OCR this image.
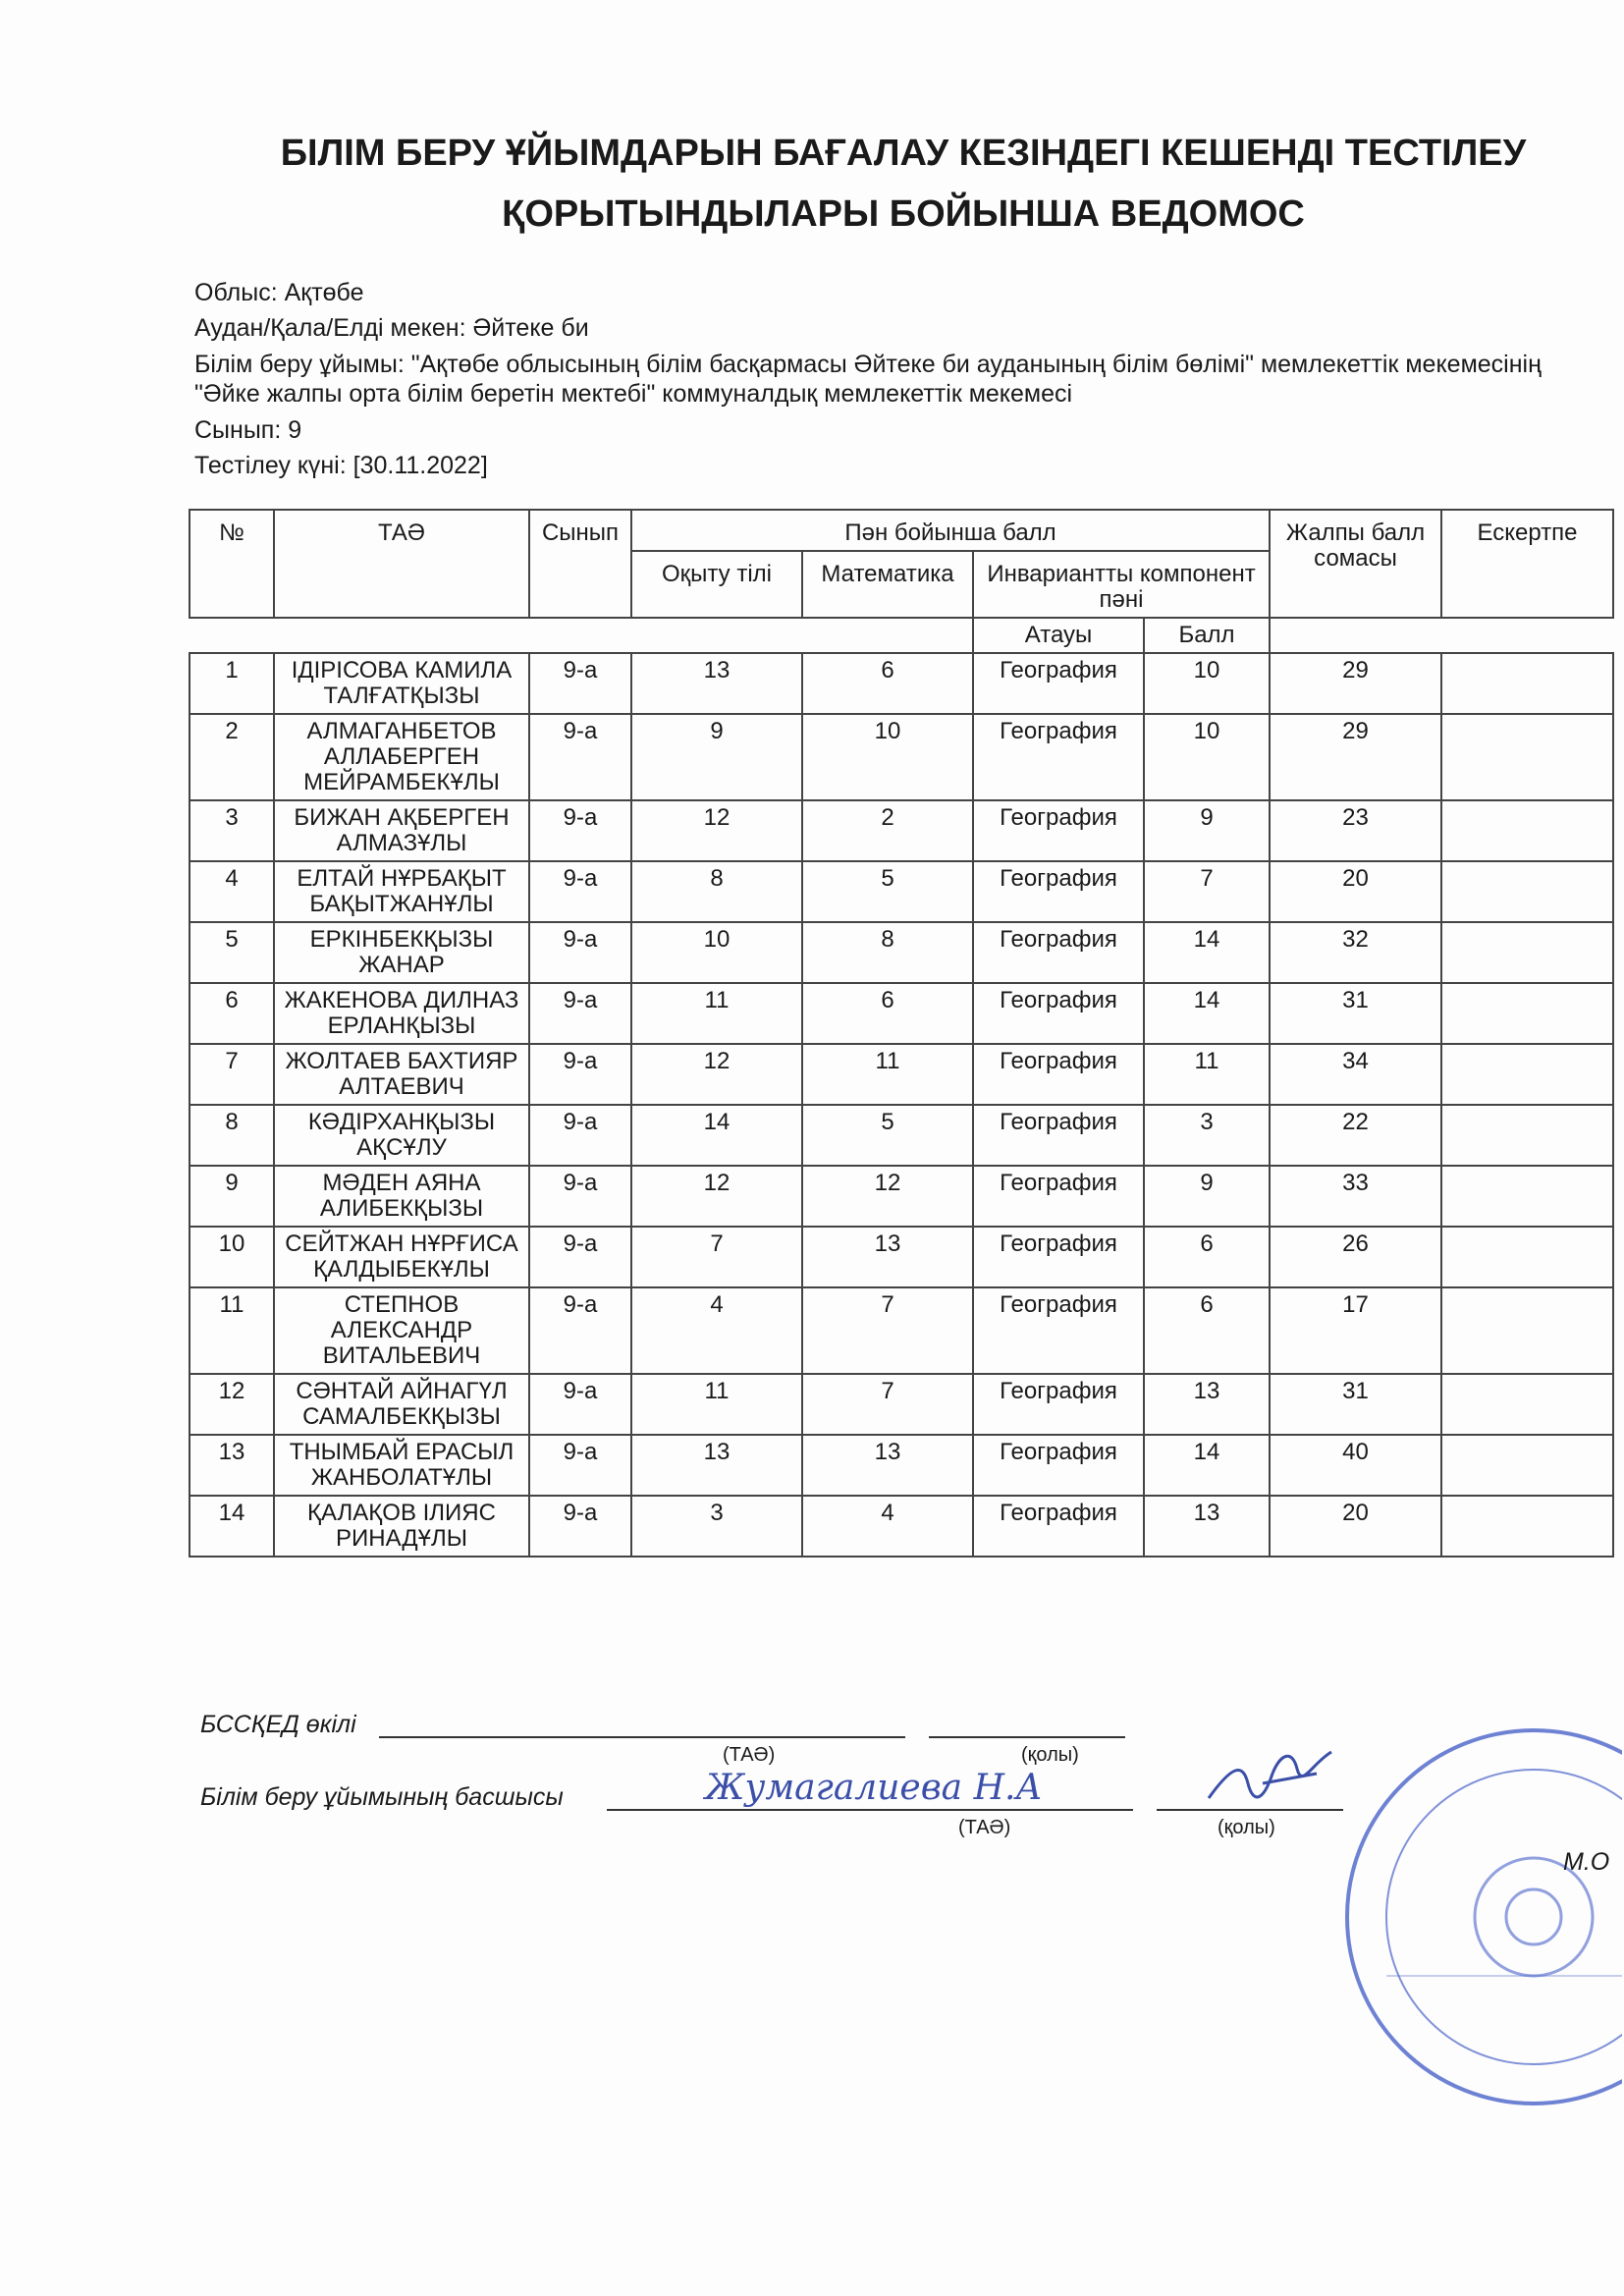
БІЛІМ БЕРУ ҰЙЫМДАРЫН БАҒАЛАУ КЕЗІНДЕГІ КЕШЕНДІ ТЕСТІЛЕУ
ҚОРЫТЫНДЫЛАРЫ БОЙЫНША ВЕДОМОС
Облыс: Ақтөбе
Аудан/Қала/Елді мекен: Әйтеке би
Білім беру ұйымы: "Ақтөбе облысының білім басқармасы Әйтеке би ауданының білім бөлімі" мемлекеттік мекемесінің "Әйке жалпы орта білім беретін мектебі" коммуналдық мемлекеттік мекемесі
Сынып: 9
Тестілеу күні: [30.11.2022]
№	ТАӘ	Сынып	Пән бойынша балл				Жалпы балл сомасы	Ескертпе
			Оқыту тілі	Математика	Инвариантты компонент пәні			
					Атауы	Балл		
1	ІДІРІСОВА КАМИЛА ТАЛҒАТҚЫЗЫ	9-а	13	6	География	10	29	
2	АЛМАГАНБЕТОВ АЛЛАБЕРГЕН МЕЙРАМБЕКҰЛЫ	9-а	9	10	География	10	29	
3	БИЖАН АҚБЕРГЕН АЛМАЗҰЛЫ	9-а	12	2	География	9	23	
4	ЕЛТАЙ НҰРБАҚЫТ БАҚЫТЖАНҰЛЫ	9-а	8	5	География	7	20	
5	ЕРКІНБЕКҚЫЗЫ ЖАНАР	9-а	10	8	География	14	32	
6	ЖАКЕНОВА ДИЛНАЗ ЕРЛАНҚЫЗЫ	9-а	11	6	География	14	31	
7	ЖОЛТАЕВ БАХТИЯР АЛТАЕВИЧ	9-а	12	11	География	11	34	
8	КӘДІРХАНҚЫЗЫ АҚСҰЛУ	9-а	14	5	География	3	22	
9	МӘДЕН АЯНА АЛИБЕКҚЫЗЫ	9-а	12	12	География	9	33	
10	СЕЙТЖАН НҰРҒИСА ҚАЛДЫБЕКҰЛЫ	9-а	7	13	География	6	26	
11	СТЕПНОВ АЛЕКСАНДР ВИТАЛЬЕВИЧ	9-а	4	7	География	6	17	
12	СӘНТАЙ АЙНАГҮЛ САМАЛБЕКҚЫЗЫ	9-а	11	7	География	13	31	
13	ТНЫМБАЙ ЕРАСЫЛ ЖАНБОЛАТҰЛЫ	9-а	13	13	География	14	40	
14	ҚАЛАҚОВ ІЛИЯС РИНАДҰЛЫ	9-а	3	4	География	13	20	
БССҚЕД өкілі
(ТАӘ)	(қолы)
Білім беру ұйымының басшысы	Жумагалиева Н.А
(ТАӘ)	(қолы)
М.О
